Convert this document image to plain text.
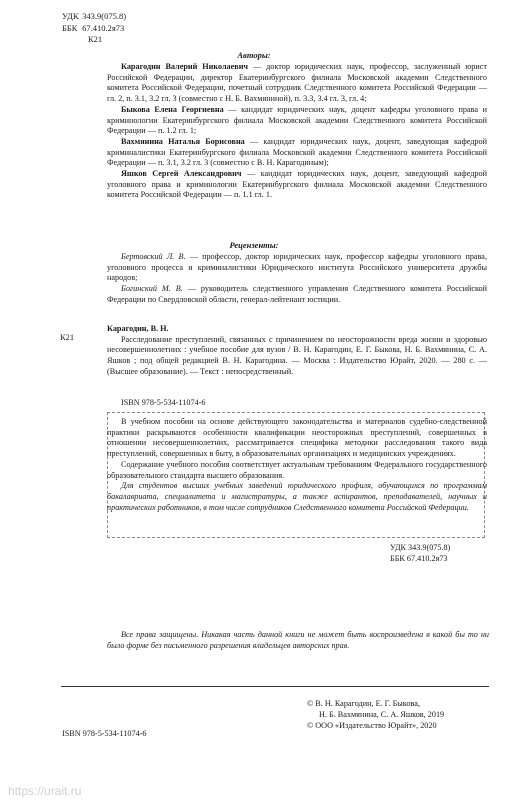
УДК 343.9(075.8)
ББК 67.410.2я73
К21
Авторы:
Карагодин Валерий Николаевич — доктор юридических наук, профессор, заслуженный юрист Российской Федерации, директор Екатеринбургского филиала Московской академии Следственного комитета Российской Федерации, почетный сотрудник Следственного комитета Российской Федерации — гл. 2, п. 3.1, 3.2 гл. 3 (совместно с Н. Б. Вахмяниной), п. 3.3, 3.4 гл. 3, гл. 4;
Быкова Елена Георгиевна — кандидат юридических наук, доцент кафедры уголовного права и криминологии Екатеринбургского филиала Московской академии Следственного комитета Российской Федерации — п. 1.2 гл. 1;
Вахмянина Наталья Борисовна — кандидат юридических наук, доцент, заведующая кафедрой криминалистики Екатеринбургского филиала Московской академии Следственного комитета Российской Федерации — п. 3.1, 3.2 гл. 3 (совместно с В. Н. Карагодиным);
Яшков Сергей Александрович — кандидат юридических наук, доцент, заведующий кафедрой уголовного права и криминологии Екатеринбургского филиала Московской академии Следственного комитета Российской Федерации — п. 1.1 гл. 1.
Рецензенты:
Бертовский Л. В. — профессор, доктор юридических наук, профессор кафедры уголовного права, уголовного процесса и криминалистики Юридического института Российского университета дружбы народов;
Богинский М. В. — руководитель следственного управления Следственного комитета Российской Федерации по Свердловской области, генерал-лейтенант юстиции.
К21
Карагодин, В. Н.
Расследование преступлений, связанных с причинением по неосторожности вреда жизни и здоровью несовершеннолетних : учебное пособие для вузов / В. Н. Карагодин, Е. Г. Быкова, Н. Б. Вахмянина, С. А. Яшков ; под общей редакцией В. Н. Карагодина. — Москва : Издательство Юрайт, 2020. — 280 с. — (Высшее образование). — Текст : непосредственный.
ISBN 978-5-534-11074-6
В учебном пособии на основе действующего законодательства и материалов судебно-следственной практики раскрываются особенности квалификации неосторожных преступлений, совершенных в отношении несовершеннолетних, рассматривается специфика методики расследования такого вида преступлений, совершенных в быту, в образовательных организациях и медицинских учреждениях.
Содержание учебного пособия соответствует актуальным требованиям Федерального государственного образовательного стандарта высшего образования.
Для студентов высших учебных заведений юридического профиля, обучающихся по программам бакалавриата, специалитета и магистратуры, а также аспирантов, преподавателей, научных и практических работников, в том числе сотрудников Следственного комитета Российской Федерации.
УДК 343.9(075.8)
ББК 67.410.2я73
Все права защищены. Никакая часть данной книги не может быть воспроизведена в какой бы то ни было форме без письменного разрешения владельцев авторских прав.
© В. Н. Карагодин, Е. Г. Быкова,
Н. Б. Вахмянина, С. А. Яшков, 2019
© ООО «Издательство Юрайт», 2020
ISBN 978-5-534-11074-6
https://urait.ru
